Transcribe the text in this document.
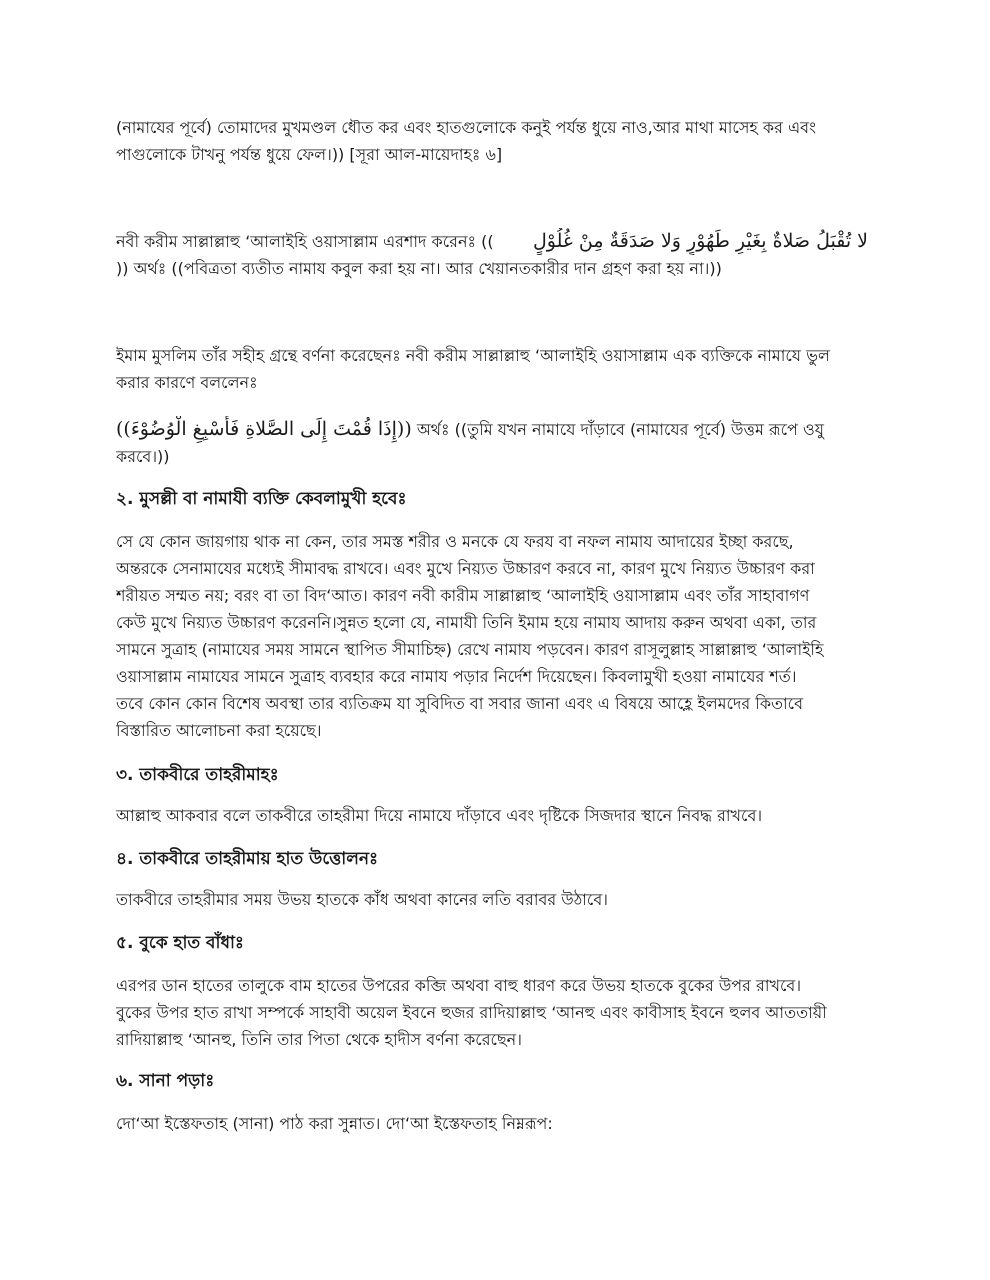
(নামাযের পূর্বে) তোমাদের মুখমণ্ডল ধৌত কর এবং হাতগুলোকে কনুই পর্যন্ত ধুয়ে নাও,আর মাথা মাসেহ কর এবং
পাগুলোকে টাখনু পর্যন্ত ধুয়ে ফেল।)) [সূরা আল-মায়েদাহঃ ৬]
নবী করীম সাল্লাল্লাহু ‘আলাইহি ওয়াসাল্লাম এরশাদ করেনঃ (( لا تُقْبَلُ صَلاةٌ بِغَيْرِ طَهُوْرٍ وَلا صَدَقَةٌ مِنْ غُلُوْلٍ
)) অর্থঃ ((পবিত্রতা ব্যতীত নামায কবুল করা হয় না। আর খেয়ানতকারীর দান গ্রহণ করা হয় না।))
ইমাম মুসলিম তাঁর সহীহ গ্রন্থে বর্ণনা করেছেনঃ নবী করীম সাল্লাল্লাহু ‘আলাইহি ওয়াসাল্লাম এক ব্যক্তিকে নামাযে ভুল
করার কারণে বললেনঃ
((إِذَا قُمْتَ إِلَى الصَّلاةِ فَأَسْبِغِ الْوُضُوْءَ)) অর্থঃ ((তুমি যখন নামাযে দাঁড়াবে (নামাযের পূর্বে) উত্তম রূপে ওযু
করবে।))
২. মুসল্লী বা নামাযী ব্যক্তি কেবলামুখী হবেঃ
সে যে কোন জায়গায় থাক না কেন, তার সমস্ত শরীর ও মনকে যে ফরয বা নফল নামায আদায়ের ইচ্ছা করছে,
অন্তরকে সেনামাযের মধ্যেই সীমাবদ্ধ রাখবে। এবং মুখে নিয়্যত উচ্চারণ করবে না, কারণ মুখে নিয়্যত উচ্চারণ করা
শরীয়ত সম্মত নয়; বরং বা তা বিদ‘আত। কারণ নবী কারীম সাল্লাল্লাহু ‘আলাইহি ওয়াসাল্লাম এবং তাঁর সাহাবাগণ
কেউ মুখে নিয়্যত উচ্চারণ করেননি।সুন্নত হলো যে, নামাযী তিনি ইমাম হয়ে নামায আদায় করুন অথবা একা, তার
সামনে সুত্রাহ (নামাযের সময় সামনে স্থাপিত সীমাচিহ্ন) রেখে নামায পড়বেন। কারণ রাসূলুল্লাহ সাল্লাল্লাহু ‘আলাইহি
ওয়াসাল্লাম নামাযের সামনে সুত্রাহ ব্যবহার করে নামায পড়ার নির্দেশ দিয়েছেন। কিবলামুখী হওয়া নামাযের শর্ত।
তবে কোন কোন বিশেষ অবস্থা তার ব্যতিক্রম যা সুবিদিত বা সবার জানা এবং এ বিষয়ে আহ্লে ইলমদের কিতাবে
বিস্তারিত আলোচনা করা হয়েছে।
৩. তাকবীরে তাহরীমাহঃ
আল্লাহু আকবার বলে তাকবীরে তাহরীমা দিয়ে নামাযে দাঁড়াবে এবং দৃষ্টিকে সিজদার স্থানে নিবদ্ধ রাখবে।
৪. তাকবীরে তাহরীমায় হাত উত্তোলনঃ
তাকবীরে তাহরীমার সময় উভয় হাতকে কাঁধ অথবা কানের লতি বরাবর উঠাবে।
৫. বুকে হাত বাঁধাঃ
এরপর ডান হাতের তালুকে বাম হাতের উপরের কব্জি অথবা বাহু ধারণ করে উভয় হাতকে বুকের উপর রাখবে।
বুকের উপর হাত রাখা সম্পর্কে সাহাবী অয়েল ইবনে হুজর রাদিয়াল্লাহু ‘আনহু এবং কাবীসাহ ইবনে হুলব আততায়ী
রাদিয়াল্লাহু ‘আনহু, তিনি তার পিতা থেকে হাদীস বর্ণনা করেছেন।
৬. সানা পড়াঃ
দো‘আ ইস্তেফতাহ (সানা) পাঠ করা সুন্নাত। দো‘আ ইস্তেফতাহ নিম্নরূপ:
